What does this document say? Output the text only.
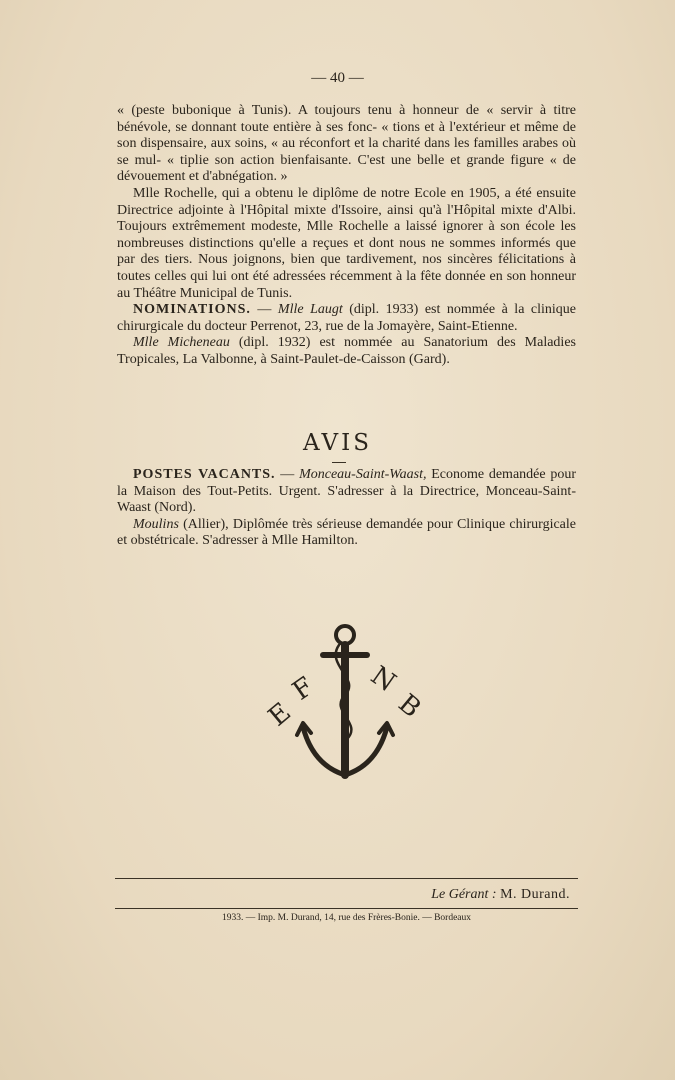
— 40 —

« (peste bubonique à Tunis). A toujours tenu à honneur de « servir à titre bénévole, se donnant toute entière à ses fonc- « tions et à l'extérieur et même de son dispensaire, aux soins, « au réconfort et la charité dans les familles arabes où se mul- « tiplie son action bienfaisante. C'est une belle et grande figure « de dévouement et d'abnégation. »

Mlle Rochelle, qui a obtenu le diplôme de notre Ecole en 1905, a été ensuite Directrice adjointe à l'Hôpital mixte d'Issoire, ainsi qu'à l'Hôpital mixte d'Albi. Toujours extrêmement modeste, Mlle Rochelle a laissé ignorer à son école les nombreuses distinctions qu'elle a reçues et dont nous ne sommes informés que par des tiers. Nous joignons, bien que tardivement, nos sincères félicitations à toutes celles qui lui ont été adressées récemment à la fête donnée en son honneur au Théâtre Municipal de Tunis.

NOMINATIONS. — Mlle Laugt (dipl. 1933) est nommée à la clinique chirurgicale du docteur Perrenot, 23, rue de la Jomayère, Saint-Etienne.

Mlle Micheneau (dipl. 1932) est nommée au Sanatorium des Maladies Tropicales, La Valbonne, à Saint-Paulet-de-Caisson (Gard).

AVIS

POSTES VACANTS. — Monceau-Saint-Waast, Econome demandée pour la Maison des Tout-Petits. Urgent. S'adresser à la Directrice, Monceau-Saint-Waast (Nord).

Moulins (Allier), Diplômée très sérieuse demandée pour Clinique chirurgicale et obstétricale. S'adresser à Mlle Hamilton.

E
F N
B
Le Gérant : M. Durand.
1933. — Imp. M. Durand, 14, rue des Frères-Bonie. — Bordeaux
